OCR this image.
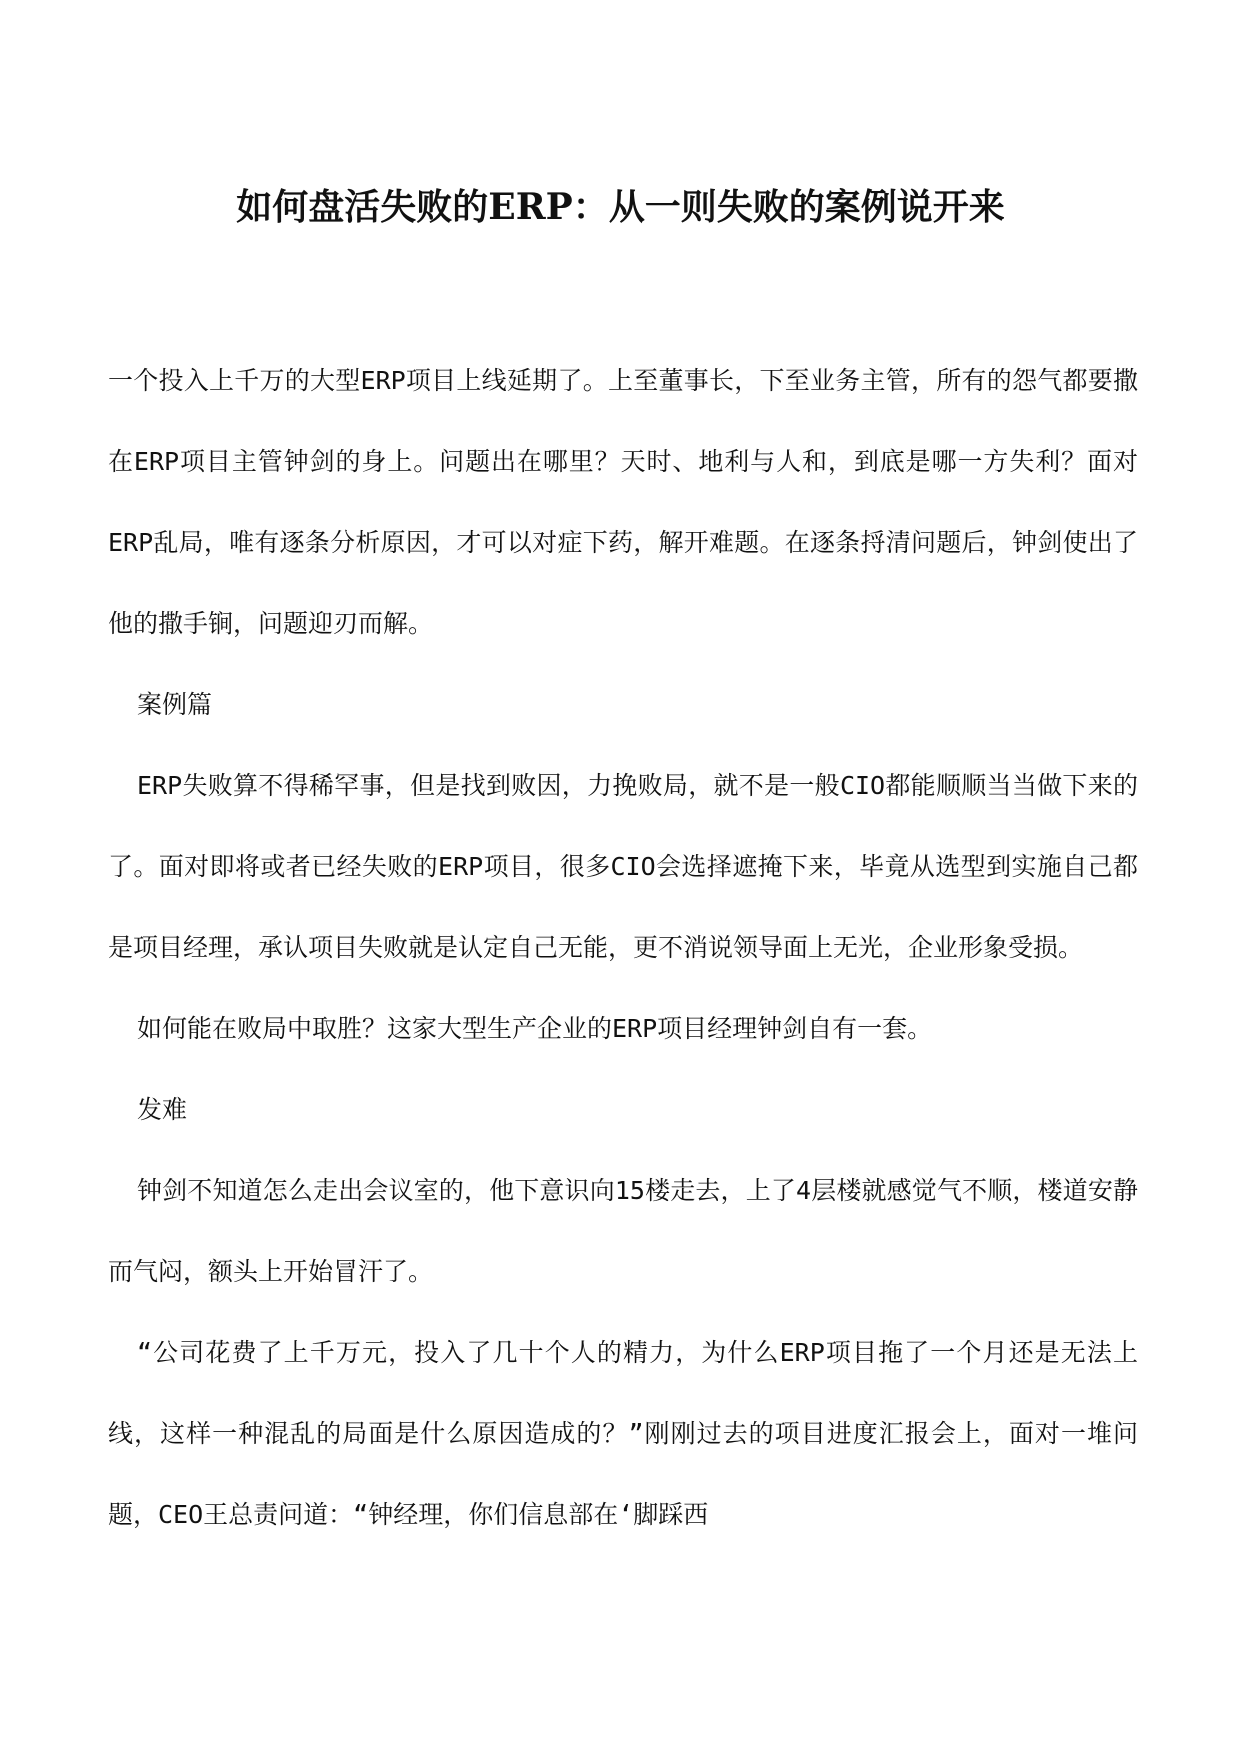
如何盘活失败的ERP：从一则失败的案例说开来

一个投入上千万的大型ERP项目上线延期了。上至董事长，下至业务主管，所有的怨气都要撒在ERP项目主管钟剑的身上。问题出在哪里？天时、地利与人和，到底是哪一方失利？面对ERP乱局，唯有逐条分析原因，才可以对症下药，解开难题。在逐条捋清问题后，钟剑使出了他的撒手锏，问题迎刃而解。

案例篇

ERP失败算不得稀罕事，但是找到败因，力挽败局，就不是一般CIO都能顺顺当当做下来的了。面对即将或者已经失败的ERP项目，很多CIO会选择遮掩下来，毕竟从选型到实施自己都是项目经理，承认项目失败就是认定自己无能，更不消说领导面上无光，企业形象受损。

如何能在败局中取胜？这家大型生产企业的ERP项目经理钟剑自有一套。

发难

钟剑不知道怎么走出会议室的，他下意识向15楼走去，上了4层楼就感觉气不顺，楼道安静而气闷，额头上开始冒汗了。

“公司花费了上千万元，投入了几十个人的精力，为什么ERP项目拖了一个月还是无法上线，这样一种混乱的局面是什么原因造成的？”刚刚过去的项目进度汇报会上，面对一堆问题，CEO王总责问道：“钟经理，你们信息部在‘脚踩西
